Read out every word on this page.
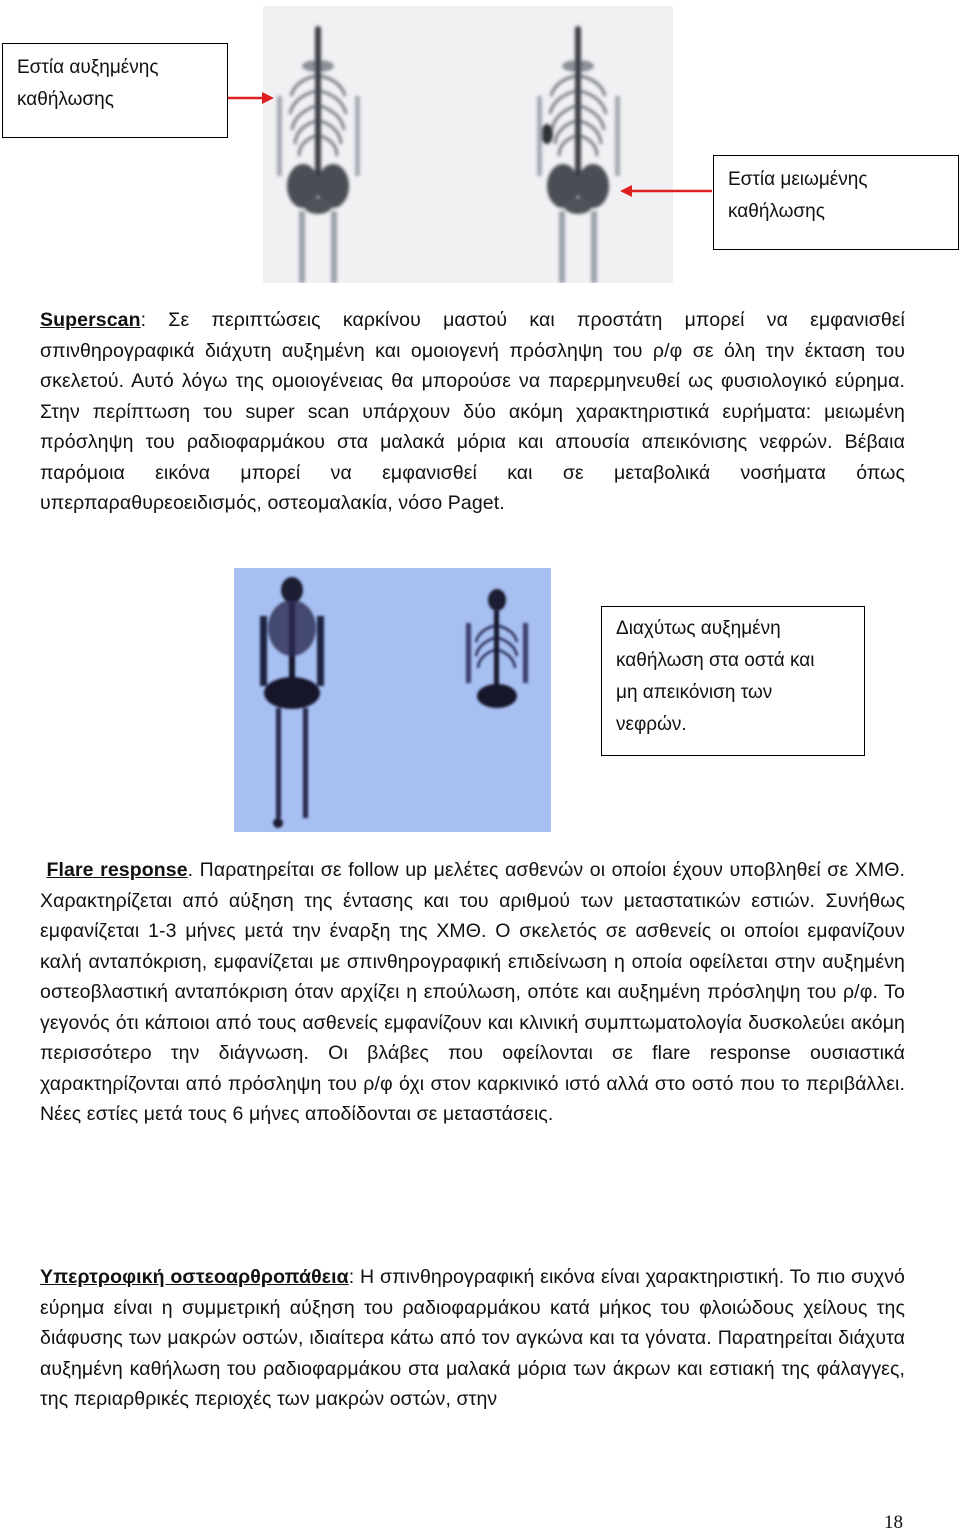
Εστία αυξημένης
καθήλωσης
Εστία μειωμένης
καθήλωσης
Superscan: Σε περιπτώσεις καρκίνου μαστού και προστάτη μπορεί να εμφανισθεί σπινθηρογραφικά διάχυτη αυξημένη και ομοιογενή πρόσληψη του ρ/φ σε όλη την έκταση του σκελετού. Αυτό λόγω της ομοιογένειας θα μπορούσε να παρερμηνευθεί ως φυσιολογικό εύρημα. Στην περίπτωση του super scan υπάρχουν δύο ακόμη χαρακτηριστικά ευρήματα: μειωμένη πρόσληψη του ραδιοφαρμάκου στα μαλακά μόρια και απουσία απεικόνισης νεφρών. Βέβαια παρόμοια εικόνα μπορεί να εμφανισθεί και σε μεταβολικά νοσήματα όπως υπερπαραθυρεοειδισμός, οστεομαλακία, νόσο Paget.
Διαχύτως αυξημένη
καθήλωση στα οστά και
μη απεικόνιση των
νεφρών.
Flare response. Παρατηρείται σε follow up μελέτες ασθενών οι οποίοι έχουν υποβληθεί σε ΧΜΘ. Χαρακτηρίζεται από αύξηση της έντασης και του αριθμού των μεταστατικών εστιών. Συνήθως εμφανίζεται 1-3 μήνες μετά την έναρξη της ΧΜΘ. Ο σκελετός σε ασθενείς οι οποίοι εμφανίζουν καλή ανταπόκριση, εμφανίζεται με σπινθηρογραφική επιδείνωση η οποία οφείλεται στην αυξημένη οστεοβλαστική ανταπόκριση όταν αρχίζει η επούλωση, οπότε και αυξημένη πρόσληψη του ρ/φ. Το γεγονός ότι κάποιοι από τους ασθενείς εμφανίζουν και κλινική συμπτωματολογία δυσκολεύει ακόμη περισσότερο την διάγνωση. Οι βλάβες που οφείλονται σε flare response ουσιαστικά χαρακτηρίζονται από πρόσληψη του ρ/φ όχι στον καρκινικό ιστό αλλά στο οστό που το περιβάλλει. Νέες εστίες μετά τους 6 μήνες αποδίδονται σε μεταστάσεις.
Υπερτροφική οστεοαρθροπάθεια: Η σπινθηρογραφική εικόνα είναι χαρακτηριστική. Το πιο συχνό εύρημα είναι η συμμετρική αύξηση του ραδιοφαρμάκου κατά μήκος του φλοιώδους χείλους της διάφυσης των μακρών οστών, ιδιαίτερα κάτω από τον αγκώνα και τα γόνατα. Παρατηρείται διάχυτα αυξημένη καθήλωση του ραδιοφαρμάκου στα μαλακά μόρια των άκρων και εστιακή της φάλαγγες, της περιαρθρικές περιοχές των μακρών οστών, στην
18
